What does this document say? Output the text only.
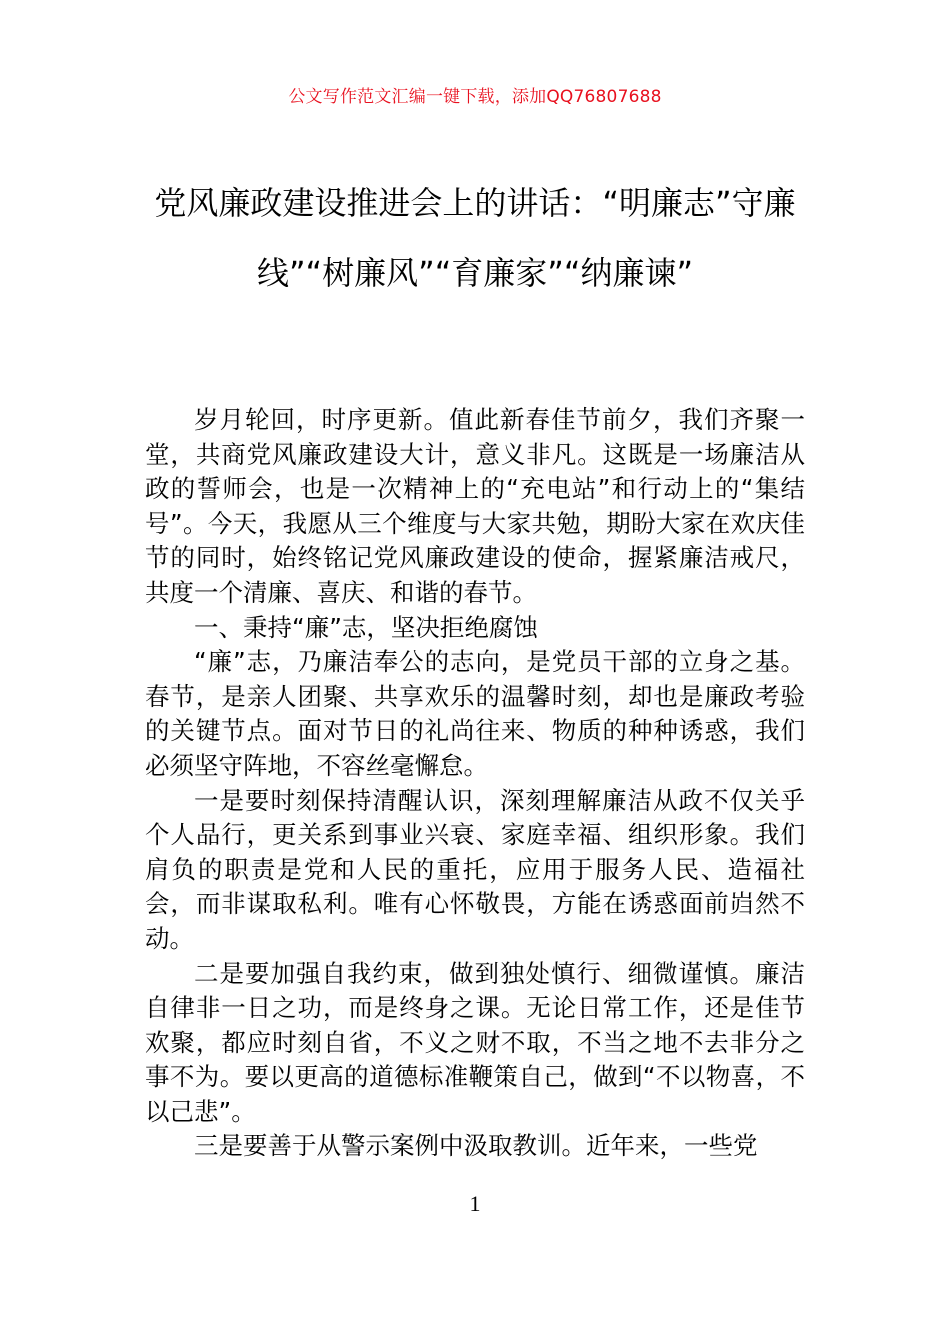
公文写作范文汇编一键下载，添加QQ76807688
党风廉政建设推进会上的讲话：“明廉志”守廉线”“树廉风”“育廉家”“纳廉谏”

岁月轮回，时序更新。值此新春佳节前夕，我们齐聚一堂，共商党风廉政建设大计，意义非凡。这既是一场廉洁从政的誓师会，也是一次精神上的“充电站”和行动上的“集结号”。今天，我愿从三个维度与大家共勉，期盼大家在欢庆佳节的同时，始终铭记党风廉政建设的使命，握紧廉洁戒尺，共度一个清廉、喜庆、和谐的春节。

一、秉持“廉”志，坚决拒绝腐蚀

“廉”志，乃廉洁奉公的志向，是党员干部的立身之基。春节，是亲人团聚、共享欢乐的温馨时刻，却也是廉政考验的关键节点。面对节日的礼尚往来、物质的种种诱惑，我们必须坚守阵地，不容丝毫懈怠。

一是要时刻保持清醒认识，深刻理解廉洁从政不仅关乎个人品行，更关系到事业兴衰、家庭幸福、组织形象。我们肩负的职责是党和人民的重托，应用于服务人民、造福社会，而非谋取私利。唯有心怀敬畏，方能在诱惑面前岿然不动。

二是要加强自我约束，做到独处慎行、细微谨慎。廉洁自律非一日之功，而是终身之课。无论日常工作，还是佳节欢聚，都应时刻自省，不义之财不取，不当之地不去非分之事不为。要以更高的道德标准鞭策自己，做到“不以物喜，不以己悲”。

三是要善于从警示案例中汲取教训。近年来，一些党

1
